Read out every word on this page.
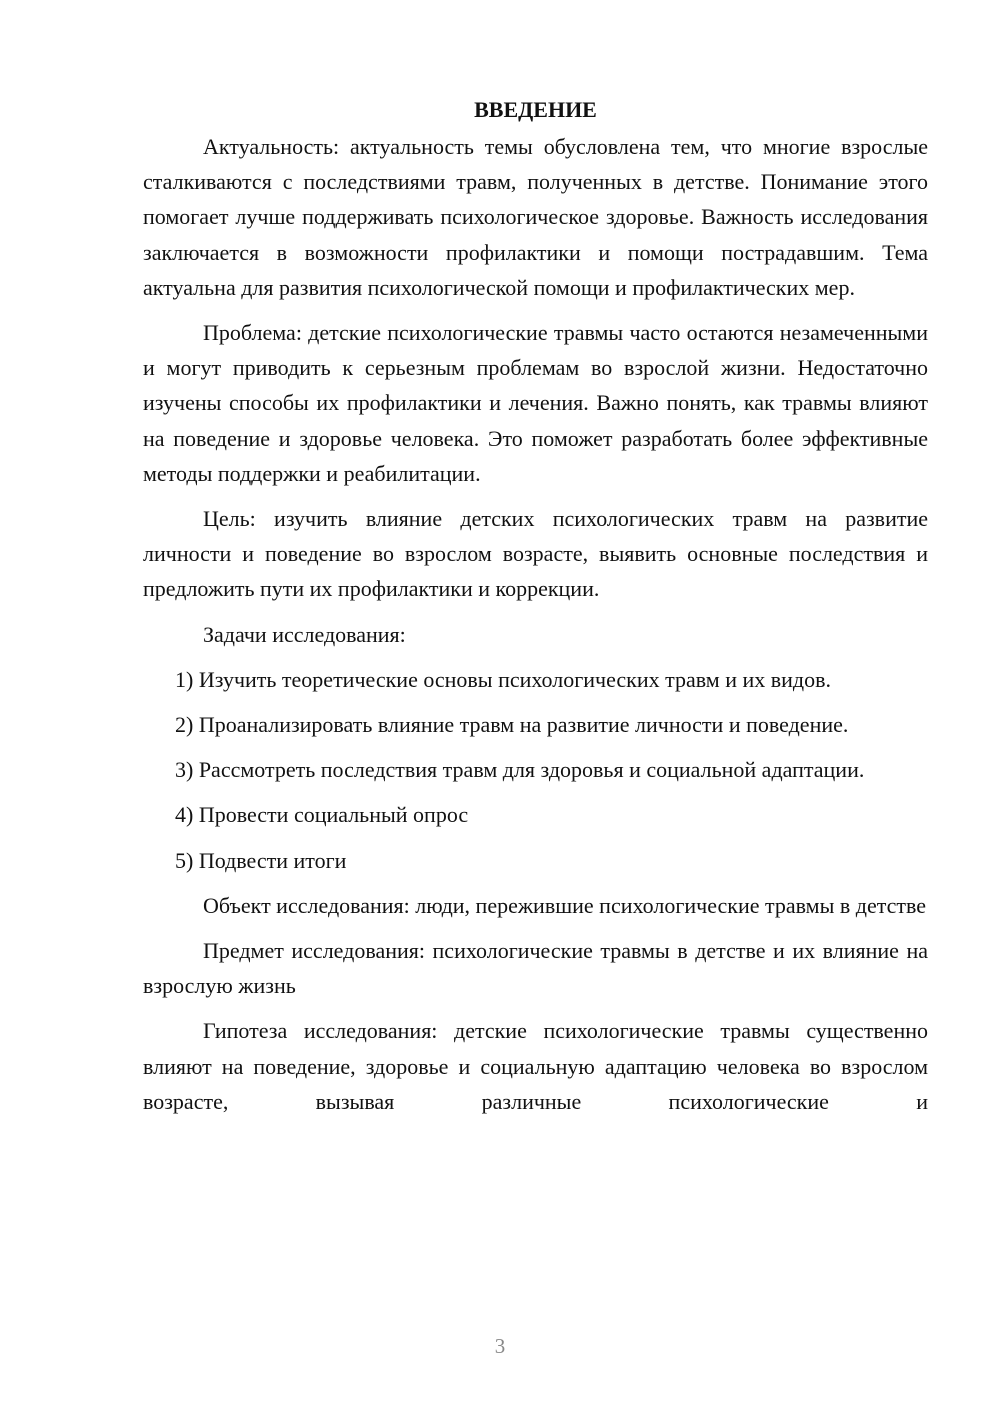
ВВЕДЕНИЕ

Актуальность: актуальность темы обусловлена тем, что многие взрослые сталкиваются с последствиями травм, полученных в детстве. Понимание этого помогает лучше поддерживать психологическое здоровье. Важность исследования заключается в возможности профилактики и помощи пострадавшим. Тема актуальна для развития психологической помощи и профилактических мер.

Проблема: детские психологические травмы часто остаются незамеченными и могут приводить к серьезным проблемам во взрослой жизни. Недостаточно изучены способы их профилактики и лечения. Важно понять, как травмы влияют на поведение и здоровье человека. Это поможет разработать более эффективные методы поддержки и реабилитации.

Цель: изучить влияние детских психологических травм на развитие личности и поведение во взрослом возрасте, выявить основные последствия и предложить пути их профилактики и коррекции.

Задачи исследования:

1) Изучить теоретические основы психологических травм и их видов.

2) Проанализировать влияние травм на развитие личности и поведение.

3) Рассмотреть последствия травм для здоровья и социальной адаптации.

4) Провести социальный опрос

5) Подвести итоги

Объект исследования: люди, пережившие психологические травмы в детстве

Предмет исследования: психологические травмы в детстве и их влияние на взрослую жизнь

Гипотеза исследования: детские психологические травмы существенно влияют на поведение, здоровье и социальную адаптацию человека во взрослом возрасте, вызывая различные психологические и

3
